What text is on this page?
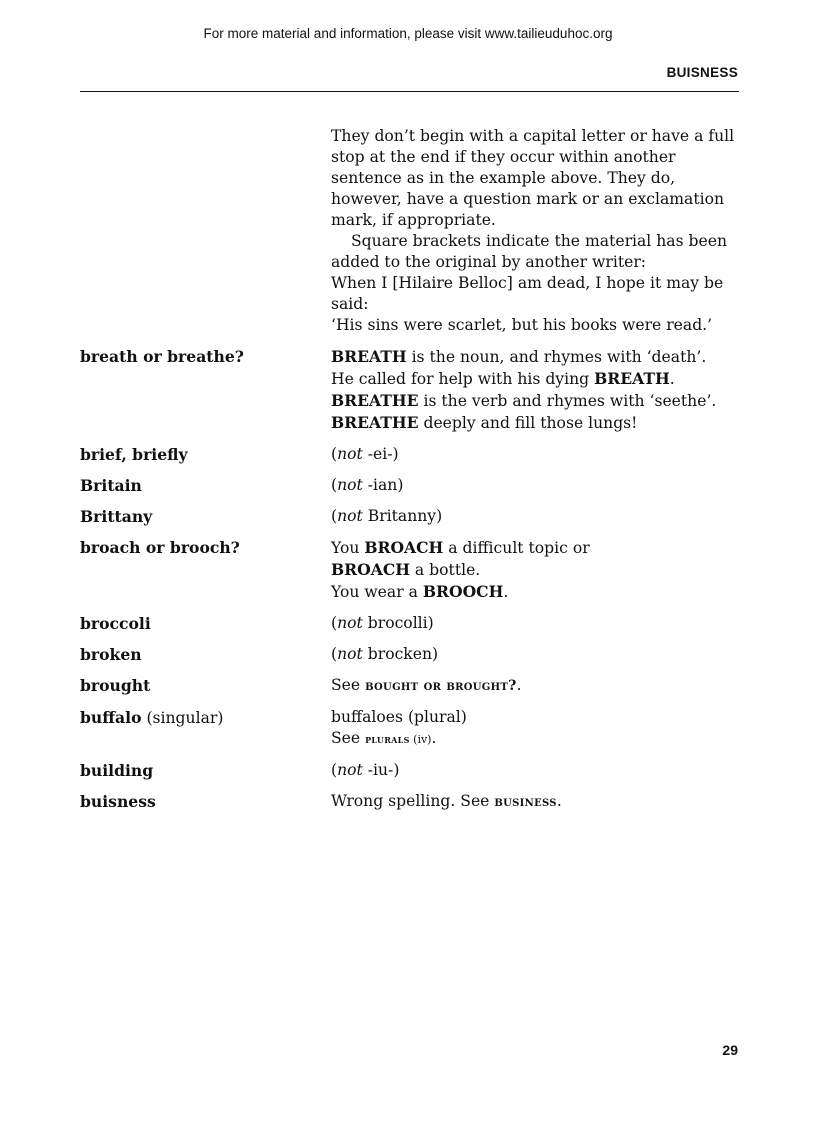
For more material and information, please visit www.tailieuduhoc.org
BUISNESS

They don’t begin with a capital letter or have a full stop at the end if they occur within another sentence as in the example above. They do, however, have a question mark or an exclamation mark, if appropriate.

Square brackets indicate the material has been added to the original by another writer:

When I [Hilaire Belloc] am dead, I hope it may be said:

‘His sins were scarlet, but his books were read.’

breath or breathe?	BREATH is the noun, and rhymes with ‘death’.

He called for help with his dying BREATH.

BREATHE is the verb and rhymes with ‘seethe’.

BREATHE deeply and fill those lungs!

brief, briefly	(not -ei-)

Britain	(not -ian)

Brittany	(not Britanny)

broach or brooch?	You BROACH a difficult topic or

BROACH a bottle.

You wear a BROOCH.

broccoli	(not brocolli)

broken	(not brocken)

brought	See bought or brought?.

buffalo (singular)	buffaloes (plural)

See plurals (iv).

building	(not -iu-)

buisness	Wrong spelling. See business.

29
